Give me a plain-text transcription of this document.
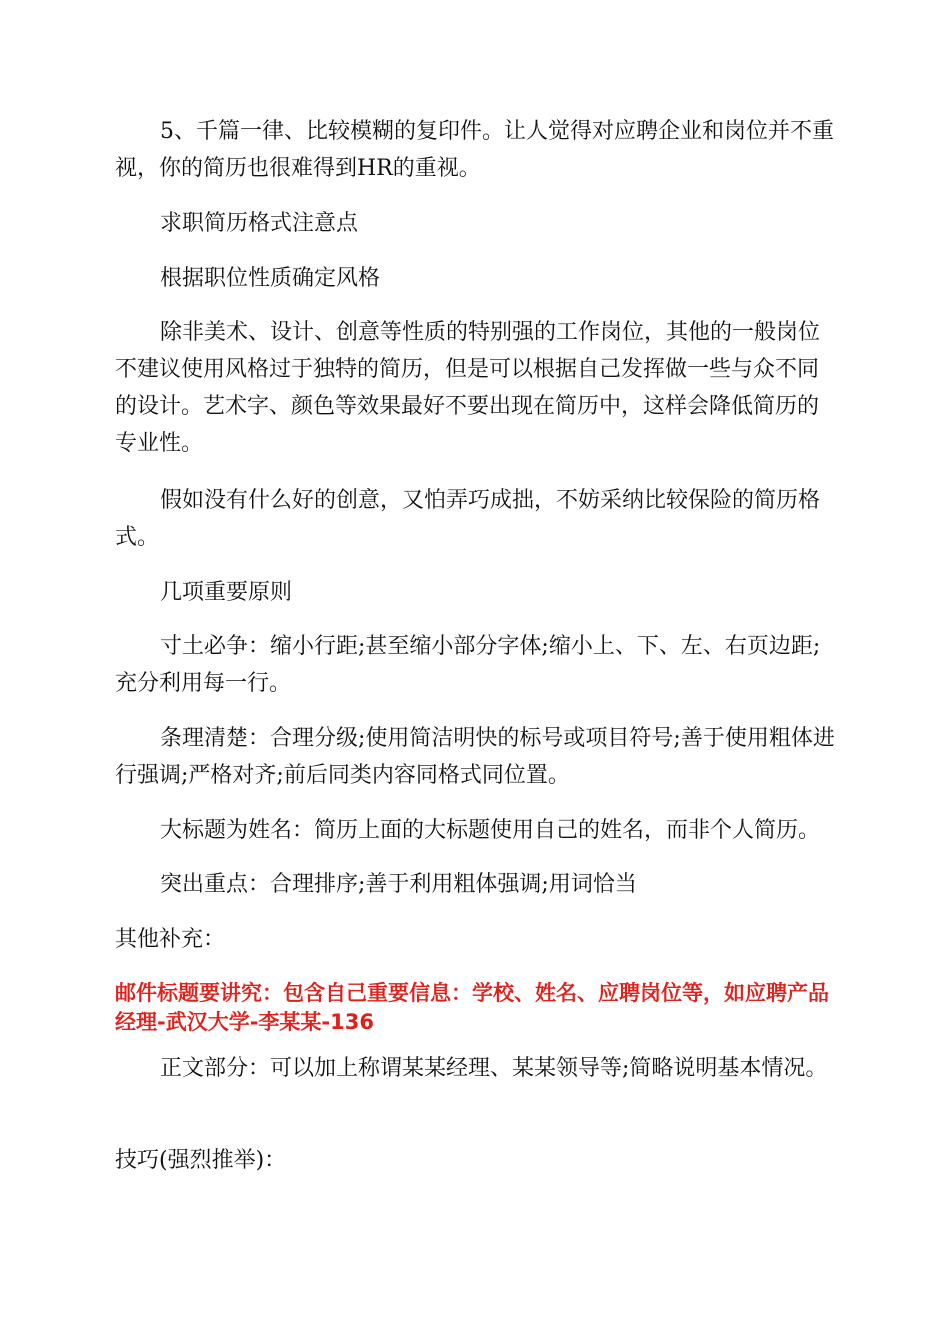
5、千篇一律、比较模糊的复印件。让人觉得对应聘企业和岗位并不重视，你的简历也很难得到HR的重视。

求职简历格式注意点

根据职位性质确定风格

除非美术、设计、创意等性质的特别强的工作岗位，其他的一般岗位不建议使用风格过于独特的简历，但是可以根据自己发挥做一些与众不同的设计。艺术字、颜色等效果最好不要出现在简历中，这样会降低简历的专业性。

假如没有什么好的创意，又怕弄巧成拙，不妨采纳比较保险的简历格式。

几项重要原则

寸土必争：缩小行距;甚至缩小部分字体;缩小上、下、左、右页边距;充分利用每一行。

条理清楚：合理分级;使用简洁明快的标号或项目符号;善于使用粗体进行强调;严格对齐;前后同类内容同格式同位置。

大标题为姓名：简历上面的大标题使用自己的姓名，而非个人简历。

突出重点：合理排序;善于利用粗体强调;用词恰当

其他补充：

邮件标题要讲究：包含自己重要信息：学校、姓名、应聘岗位等，如应聘产品经理-武汉大学-李某某-136

正文部分：可以加上称谓某某经理、某某领导等;简略说明基本情况。

技巧(强烈推举)：
